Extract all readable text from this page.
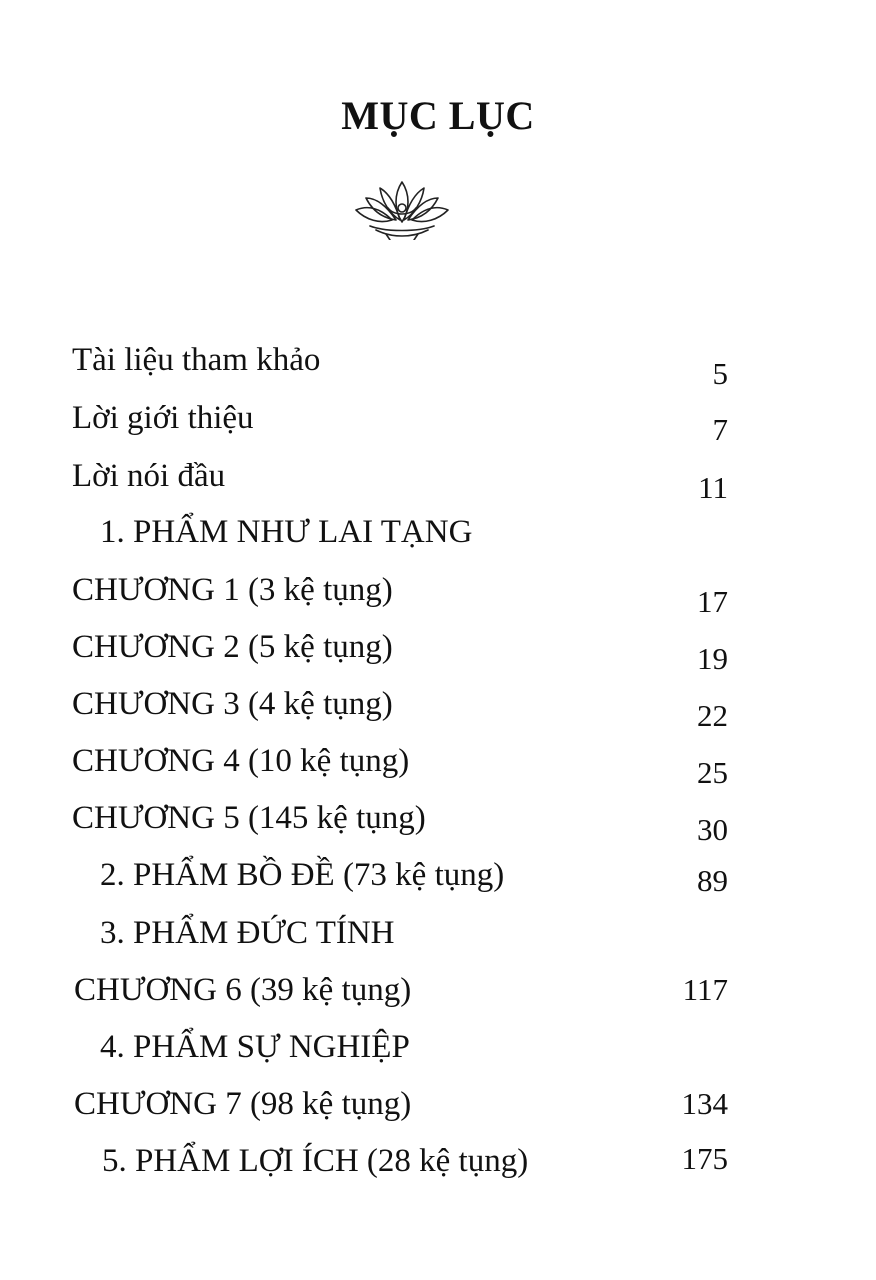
MỤC LỤC
Tài liệu tham khảo	5
Lời giới thiệu	7
Lời nói đầu	11
1. PHẨM NHƯ LAI TẠNG
CHƯƠNG 1 (3 kệ tụng)	17
CHƯƠNG 2 (5 kệ tụng)	19
CHƯƠNG 3 (4 kệ tụng)	22
CHƯƠNG 4 (10 kệ tụng)	25
CHƯƠNG 5 (145 kệ tụng)	30
2. PHẨM BỒ ĐỀ (73 kệ tụng)	89
3. PHẨM ĐỨC TÍNH
CHƯƠNG 6 (39 kệ tụng)	117
4. PHẨM SỰ NGHIỆP
CHƯƠNG 7 (98 kệ tụng)	134
5. PHẨM LỢI ÍCH (28 kệ tụng)	175
